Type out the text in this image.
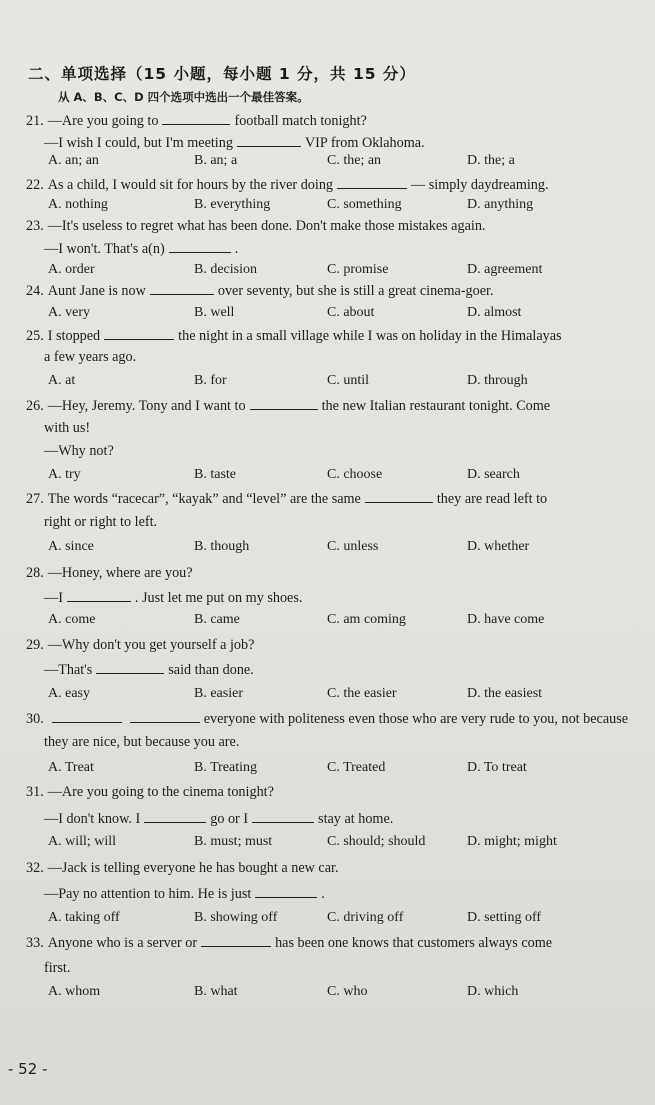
二、单项选择（15 小题，每小题 1 分，共 15 分）
从 A、B、C、D 四个选项中选出一个最佳答案。
21. —Are you going to	football match tonight?
—I wish I could, but I'm meeting	VIP from Oklahoma.
A. an; an	B. an; a	C. the; an	D. the; a
22. As a child, I would sit for hours by the river doing	— simply daydreaming.
A. nothing	B. everything	C. something	D. anything
23. —It's useless to regret what has been done. Don't make those mistakes again.
—I won't. That's a(n)	.
A. order	B. decision	C. promise	D. agreement
24. Aunt Jane is now	over seventy, but she is still a great cinema-goer.
A. very	B. well	C. about	D. almost
25. I stopped	the night in a small village while I was on holiday in the Himalayas
a few years ago.
A. at	B. for	C. until	D. through
26. —Hey, Jeremy. Tony and I want to	the new Italian restaurant tonight. Come
with us!
—Why not?
A. try	B. taste	C. choose	D. search
27. The words “racecar”, “kayak” and “level” are the same	they are read left to
right or right to left.
A. since	B. though	C. unless	D. whether
28. —Honey, where are you?
—I	. Just let me put on my shoes.
A. come	B. came	C. am coming	D. have come
29. —Why don't you get yourself a job?
—That's	said than done.
A. easy	B. easier	C. the easier	D. the easiest
30.	everyone with politeness even those who are very rude to you, not because
they are nice, but because you are.
A. Treat	B. Treating	C. Treated	D. To treat
31. —Are you going to the cinema tonight?
—I don't know. I	go or I	stay at home.
A. will; will	B. must; must	C. should; should	D. might; might
32. —Jack is telling everyone he has bought a new car.
—Pay no attention to him. He is just	.
A. taking off	B. showing off	C. driving off	D. setting off
33. Anyone who is a server or	has been one knows that customers always come
first.
A. whom	B. what	C. who	D. which
- 52 -
